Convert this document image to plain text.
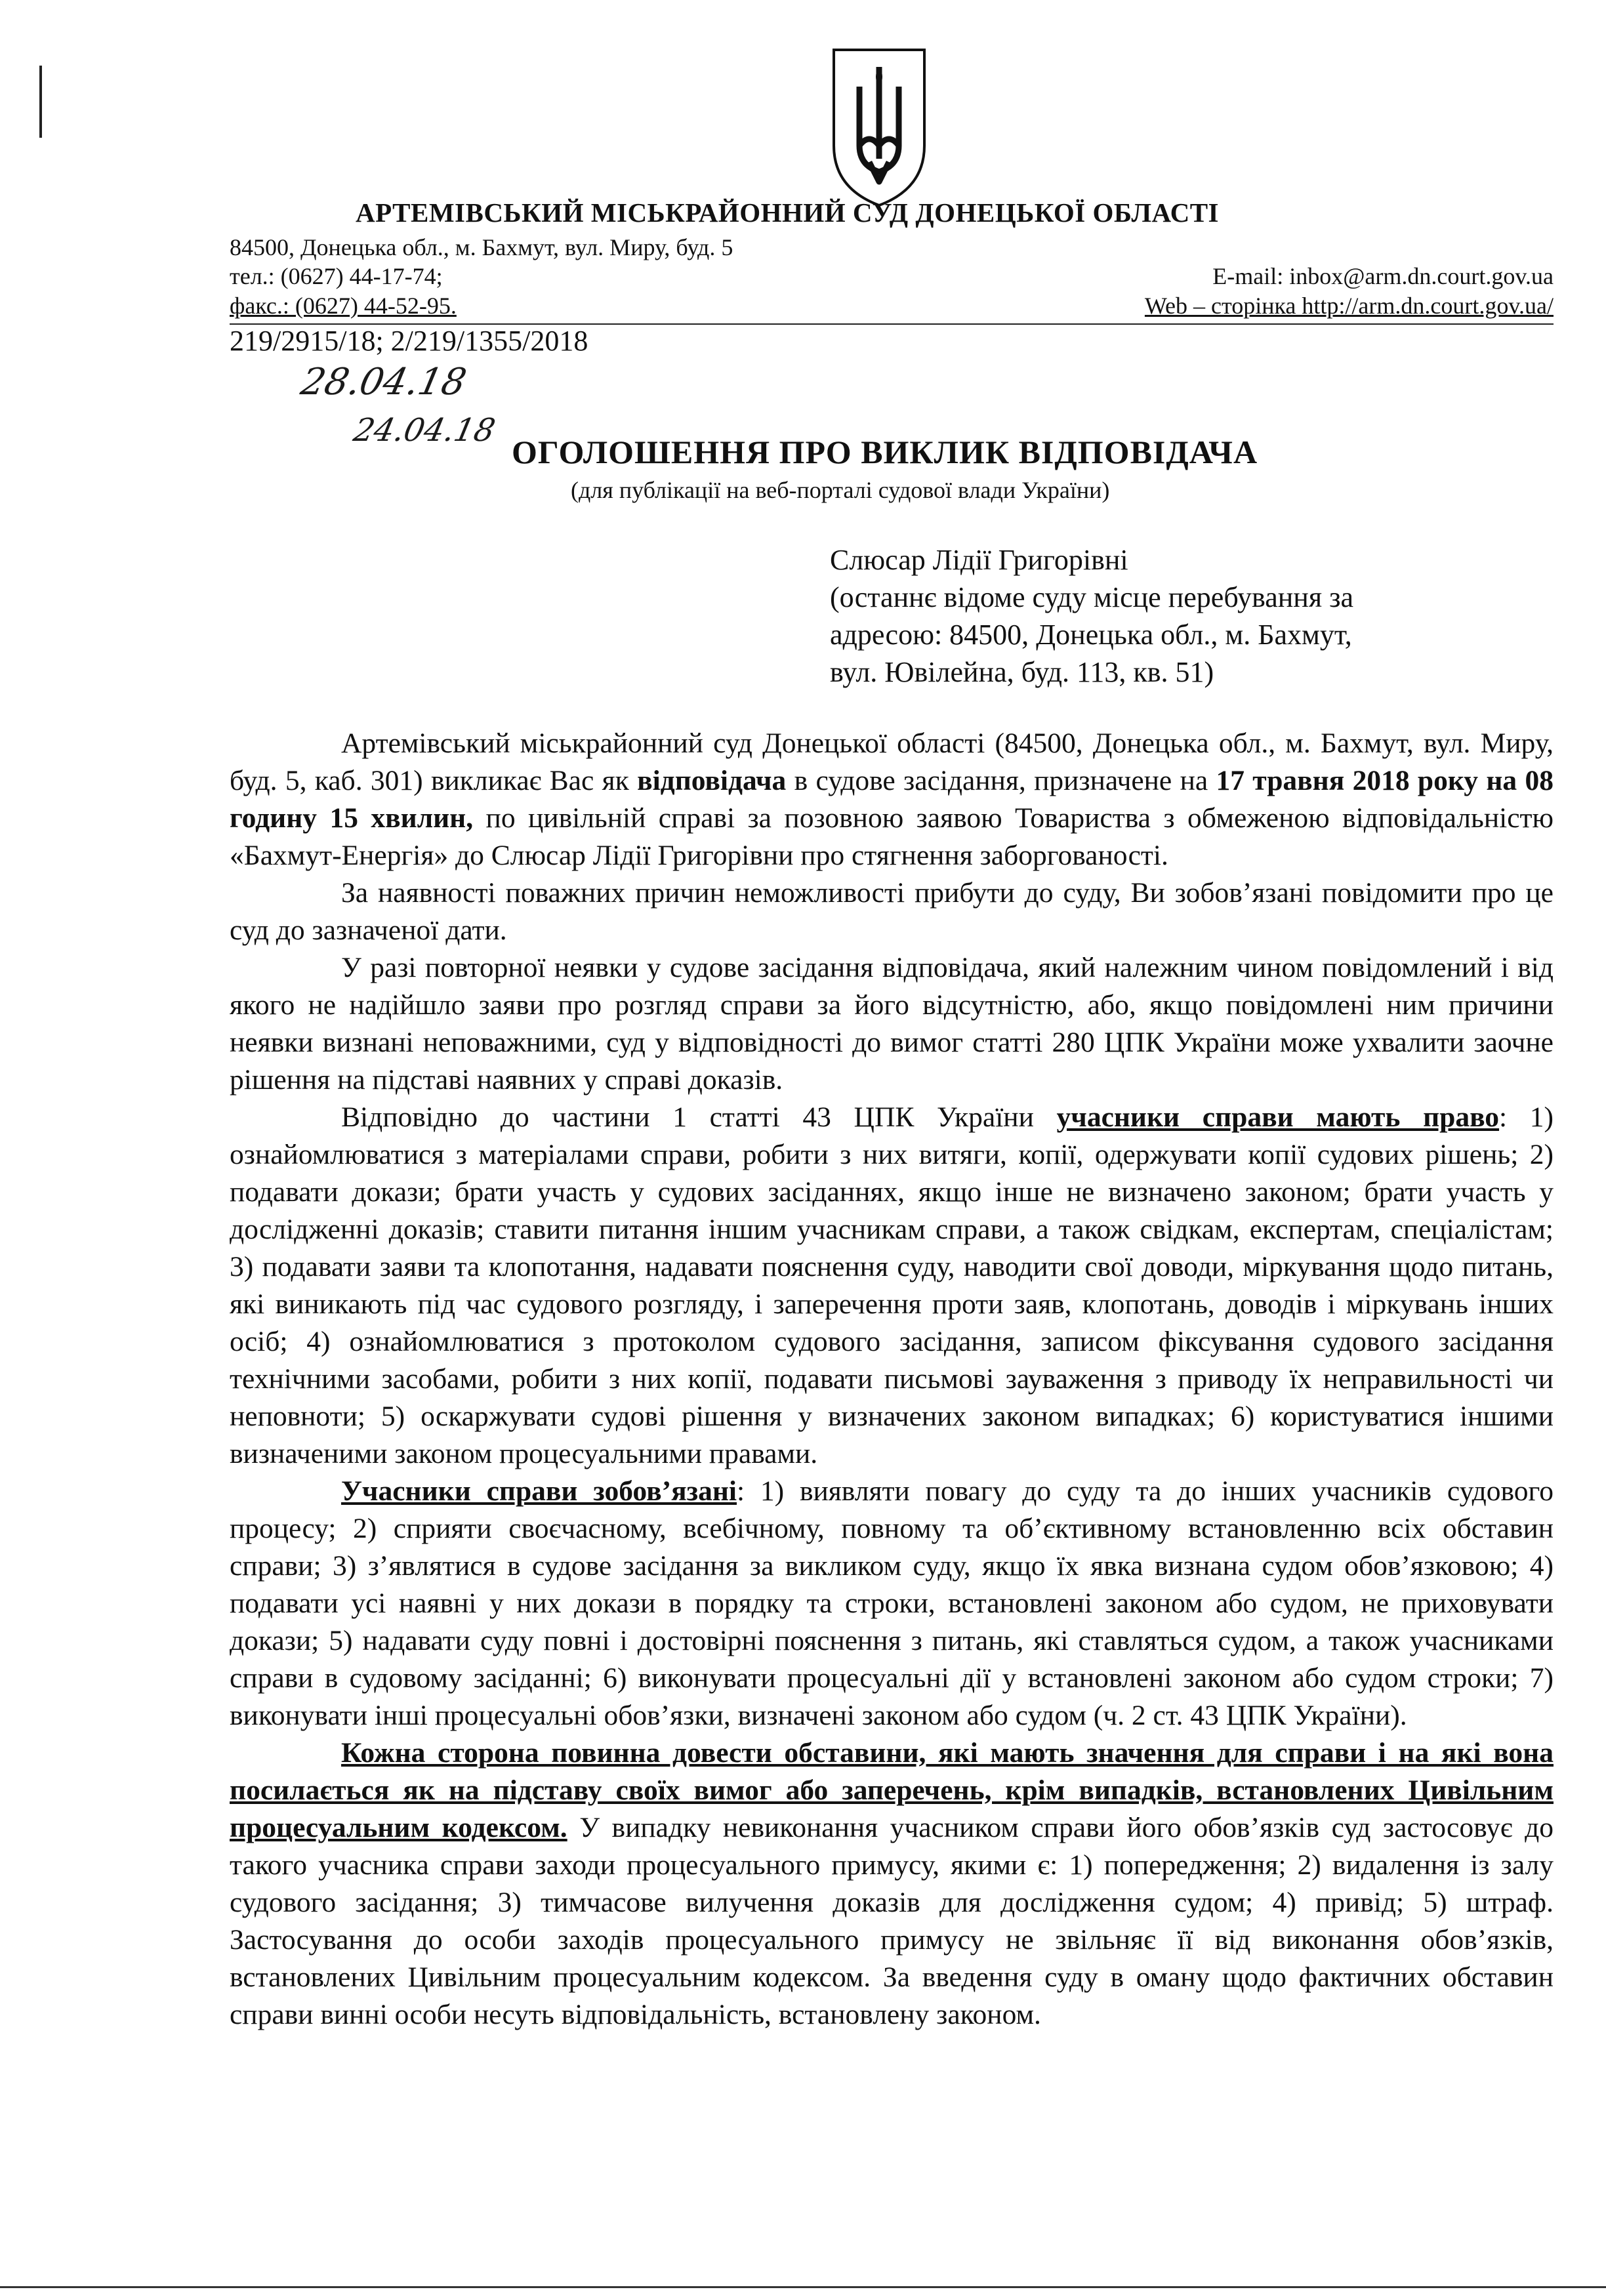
АРТЕМІВСЬКИЙ МІСЬКРАЙОННИЙ СУД ДОНЕЦЬКОЇ ОБЛАСТІ
84500, Донецька обл., м. Бахмут, вул. Миру, буд. 5
тел.: (0627) 44-17-74;
факс.: (0627) 44-52-95.
E-mail: inbox@arm.dn.court.gov.ua
Web – сторінка http://arm.dn.court.gov.ua/
219/2915/18; 2/219/1355/2018
28.04.18
24.04.18
ОГОЛОШЕННЯ ПРО ВИКЛИК ВІДПОВІДАЧА
(для публікації на веб-порталі судової влади України)
Слюсар Лідії Григорівні
(останнє відоме суду місце перебування за
адресою: 84500, Донецька обл., м. Бахмут,
вул. Ювілейна, буд. 113, кв. 51)

Артемівський міськрайонний суд Донецької області (84500, Донецька обл., м. Бахмут, вул. Миру, буд. 5, каб. 301) викликає Вас як відповідача в судове засідання, призначене на 17 травня 2018 року на 08 годину 15 хвилин, по цивільній справі за позовною заявою Товариства з обмеженою відповідальністю «Бахмут-Енергія» до Слюсар Лідії Григорівни про стягнення заборгованості.

За наявності поважних причин неможливості прибути до суду, Ви зобов’язані повідомити про це суд до зазначеної дати.

У разі повторної неявки у судове засідання відповідача, який належним чином повідомлений і від якого не надійшло заяви про розгляд справи за його відсутністю, або, якщо повідомлені ним причини неявки визнані неповажними, суд у відповідності до вимог статті 280 ЦПК України може ухвалити заочне рішення на підставі наявних у справі доказів.

Відповідно до частини 1 статті 43 ЦПК України учасники справи мають право: 1) ознайомлюватися з матеріалами справи, робити з них витяги, копії, одержувати копії судових рішень; 2) подавати докази; брати участь у судових засіданнях, якщо інше не визначено законом; брати участь у дослідженні доказів; ставити питання іншим учасникам справи, а також свідкам, експертам, спеціалістам; 3) подавати заяви та клопотання, надавати пояснення суду, наводити свої доводи, міркування щодо питань, які виникають під час судового розгляду, і заперечення проти заяв, клопотань, доводів і міркувань інших осіб; 4) ознайомлюватися з протоколом судового засідання, записом фіксування судового засідання технічними засобами, робити з них копії, подавати письмові зауваження з приводу їх неправильності чи неповноти; 5) оскаржувати судові рішення у визначених законом випадках; 6) користуватися іншими визначеними законом процесуальними правами.

Учасники справи зобов’язані: 1) виявляти повагу до суду та до інших учасників судового процесу; 2) сприяти своєчасному, всебічному, повному та об’єктивному встановленню всіх обставин справи; 3) з’являтися в судове засідання за викликом суду, якщо їх явка визнана судом обов’язковою; 4) подавати усі наявні у них докази в порядку та строки, встановлені законом або судом, не приховувати докази; 5) надавати суду повні і достовірні пояснення з питань, які ставляться судом, а також учасниками справи в судовому засіданні; 6) виконувати процесуальні дії у встановлені законом або судом строки; 7) виконувати інші процесуальні обов’язки, визначені законом або судом (ч. 2 ст. 43 ЦПК України).

Кожна сторона повинна довести обставини, які мають значення для справи і на які вона посилається як на підставу своїх вимог або заперечень, крім випадків, встановлених Цивільним процесуальним кодексом. У випадку невиконання учасником справи його обов’язків суд застосовує до такого учасника справи заходи процесуального примусу, якими є: 1) попередження; 2) видалення із залу судового засідання; 3) тимчасове вилучення доказів для дослідження судом; 4) привід; 5) штраф. Застосування до особи заходів процесуального примусу не звільняє її від виконання обов’язків, встановлених Цивільним процесуальним кодексом. За введення суду в оману щодо фактичних обставин справи винні особи несуть відповідальність, встановлену законом.
